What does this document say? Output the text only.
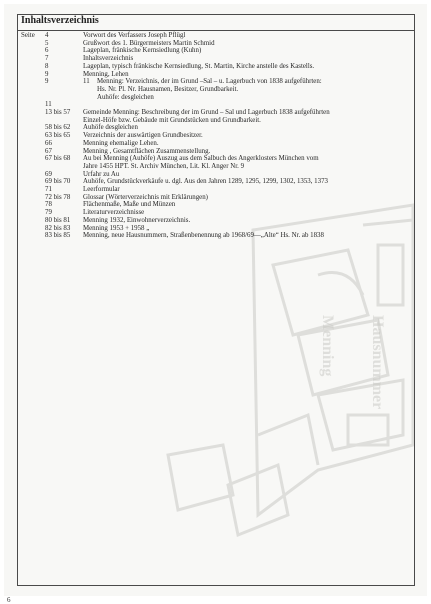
Menning Hausnummer
Inhaltsverzeichnis
Seite	4	Vorwort des Verfassers Joseph Pflügl
5	Grußwort des 1. Bürgermeisters Martin Schmid
6	Lageplan, fränkische Kernsiedlung (Kuhn)
7	Inhaltsverzeichnis
8	Lageplan, typisch fränkische Kernsiedlung, St. Martin, Kirche anstelle des Kastells.
9	Menning, Lehen
9	11	Menning: Verzeichnis, der im Grund –Sal – u. Lagerbuch von 1838 aufgeführten:
Hs. Nr. Pl. Nr. Hausnamen, Besitzer, Grundbarkeit.
Auhöfe: desgleichen
11
13 bis 57	Gemeinde Menning: Beschreibung der im Grund – Sal und Lagerbuch 1838 aufgeführten
Einzel-Höfe bzw. Gebäude mit Grundstücken und Grundbarkeit.
58 bis 62	Auhöfe desgleichen
63 bis 65	Verzeichnis der auswärtigen Grundbesitzer.
66	Menning ehemalige Lehen.
67	Menning , Gesamtflächen Zusammenstellung.
67 bis 68	Au bei Menning (Auhöfe) Auszug aus dem Salbuch des Angerklosters München vom
Jahre 1455 HPT. St. Archiv München, Lit. Kl. Anger Nr. 9
69	Urfahr zu Au
69 bis 70	Auhöfe, Grundstückverkäufe u. dgl. Aus den Jahren 1289, 1295, 1299, 1302, 1353, 1373
71	Leerformular
72 bis 78	Glossar (Wörterverzeichnis mit Erklärungen)
78	Flächenmaße, Maße und Münzen
79	Literaturverzeichnisse
80 bis 81	Menning 1932, Einwohnerverzeichnis.
82 bis 83	Menning 1953 + 1958 „
83 bis 85	Menning, neue Hausnummern, Straßenbenennung ab 1968/69—„Alte“ Hs. Nr. ab 1838
6
